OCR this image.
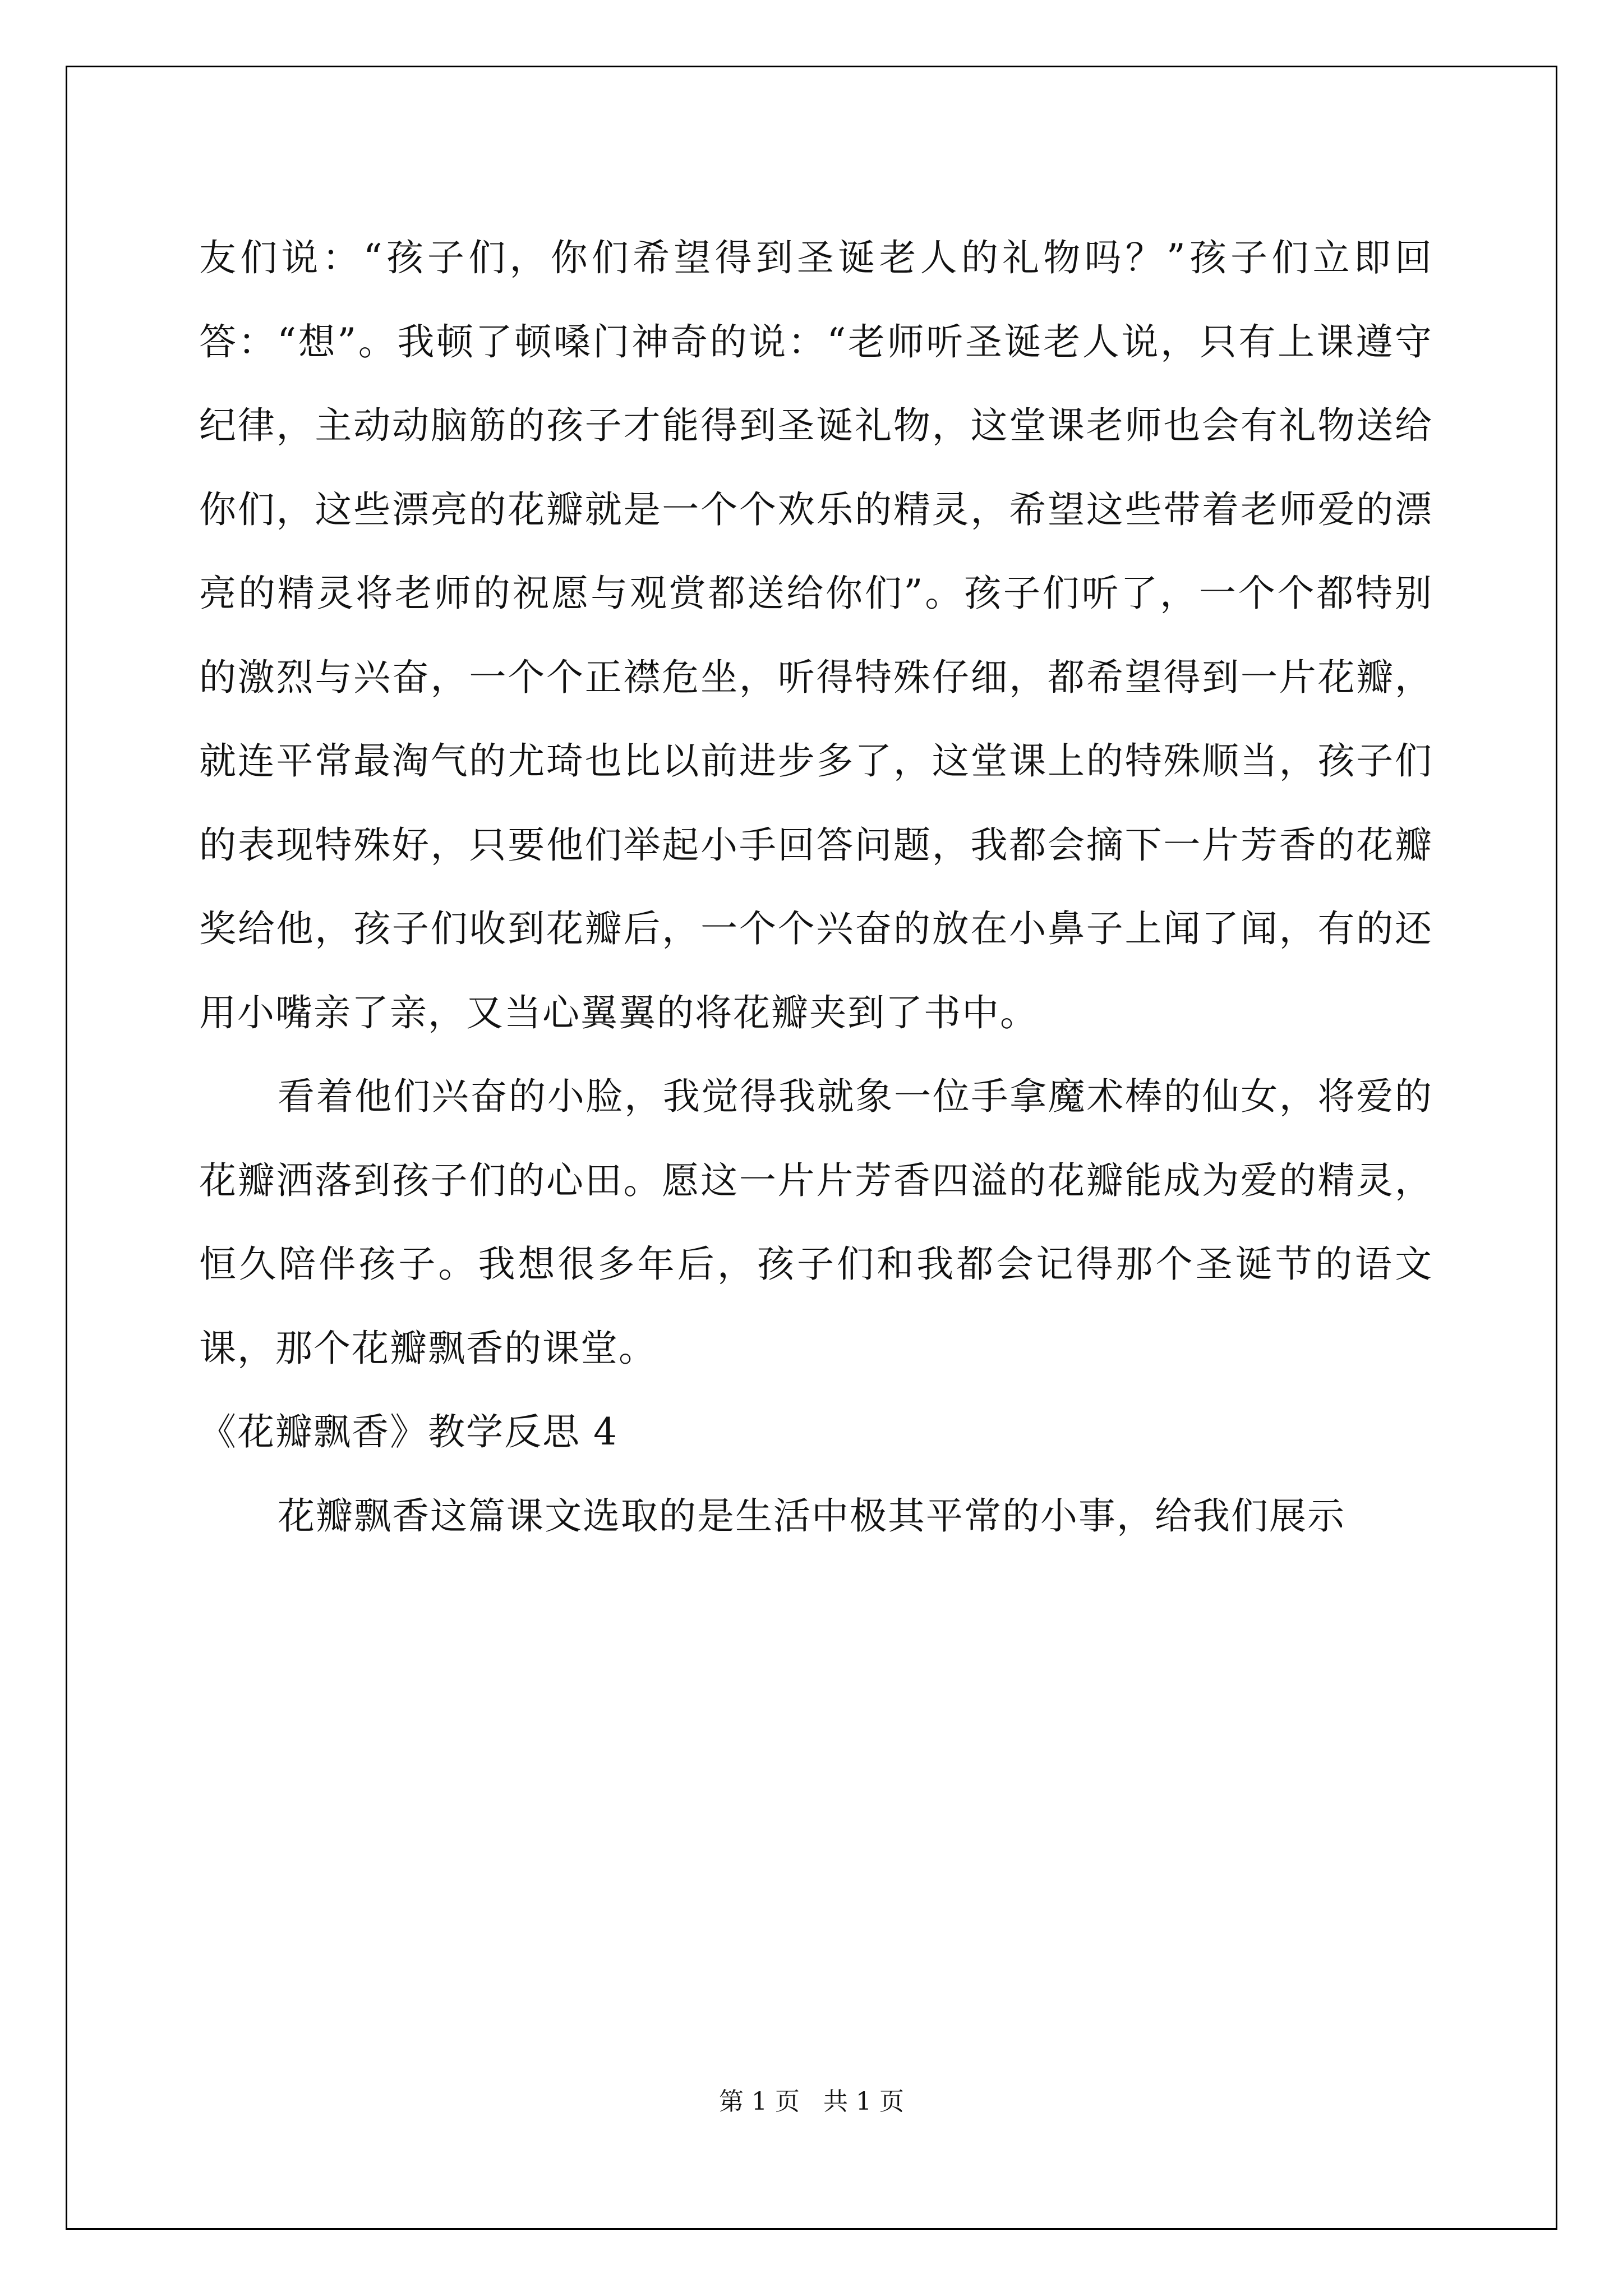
友们说：“孩子们，你们希望得到圣诞老人的礼物吗？”孩子们立即回答：“想”。我顿了顿嗓门神奇的说：“老师听圣诞老人说，只有上课遵守纪律，主动动脑筋的孩子才能得到圣诞礼物，这堂课老师也会有礼物送给你们，这些漂亮的花瓣就是一个个欢乐的精灵，希望这些带着老师爱的漂亮的精灵将老师的祝愿与观赏都送给你们”。孩子们听了，一个个都特别的激烈与兴奋，一个个正襟危坐，听得特殊仔细，都希望得到一片花瓣，就连平常最淘气的尤琦也比以前进步多了，这堂课上的特殊顺当，孩子们的表现特殊好，只要他们举起小手回答问题，我都会摘下一片芳香的花瓣奖给他，孩子们收到花瓣后，一个个兴奋的放在小鼻子上闻了闻，有的还用小嘴亲了亲，又当心翼翼的将花瓣夹到了书中。

看着他们兴奋的小脸，我觉得我就象一位手拿魔术棒的仙女，将爱的花瓣洒落到孩子们的心田。愿这一片片芳香四溢的花瓣能成为爱的精灵，恒久陪伴孩子。我想很多年后，孩子们和我都会记得那个圣诞节的语文课，那个花瓣飘香的课堂。

《花瓣飘香》教学反思 4

花瓣飘香这篇课文选取的是生活中极其平常的小事，给我们展示

第 1 页 共 1 页
